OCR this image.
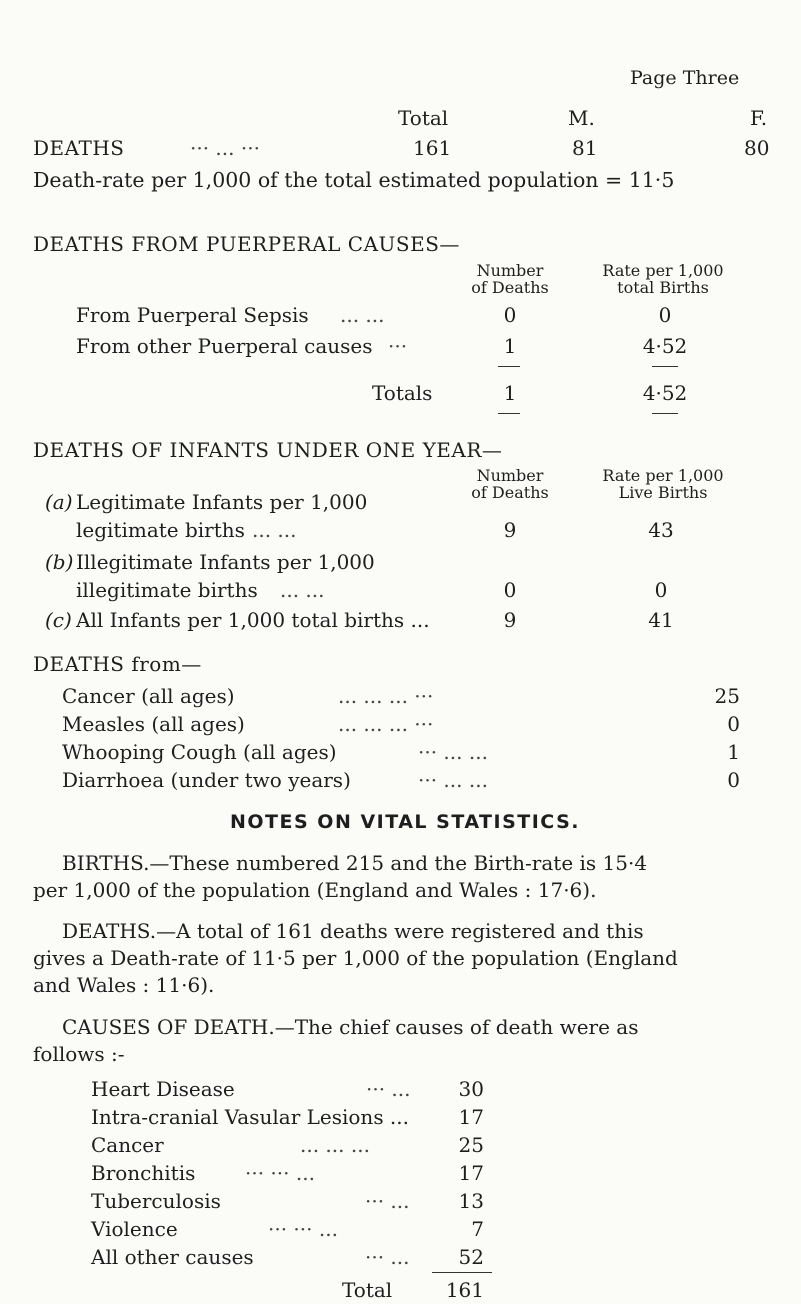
Page Three
Total	M.	F.
DEATHS	··· ... ···	161	81	80
Death-rate per 1,000 of the total estimated population = 11·5
DEATHS FROM PUERPERAL CAUSES—
Number
of Deaths
Rate per 1,000
total Births
From Puerperal Sepsis ... ...	0	0
From other Puerperal causes ···	1	4·52
Totals	1	4·52
DEATHS OF INFANTS UNDER ONE YEAR—
Number
of Deaths
Rate per 1,000
Live Births
(a) Legitimate Infants per 1,000
legitimate births ... ...	9	43
(b) Illegitimate Infants per 1,000
illegitimate births ... ...	0	0
(c) All Infants per 1,000 total births ...	9	41
DEATHS from—
Cancer (all ages)	... ... ... ···	25
Measles (all ages)	... ... ... ···	0
Whooping Cough (all ages)	··· ... ...	1
Diarrhoea (under two years)	··· ... ...	0
NOTES ON VITAL STATISTICS.
BIRTHS.—These numbered 215 and the Birth-rate is 15·4
per 1,000 of the population (England and Wales : 17·6).
DEATHS.—A total of 161 deaths were registered and this
gives a Death-rate of 11·5 per 1,000 of the population (England
and Wales : 11·6).
CAUSES OF DEATH.—The chief causes of death were as
follows :-
Heart Disease	··· ... 30
Intra-cranial Vasular Lesions ... 17
Cancer	... ... ...	25
Bronchitis ··· ··· ...	17
Tuberculosis	··· ... 13
Violence	··· ··· ...	7
All other causes	··· ... 52
Total	161
